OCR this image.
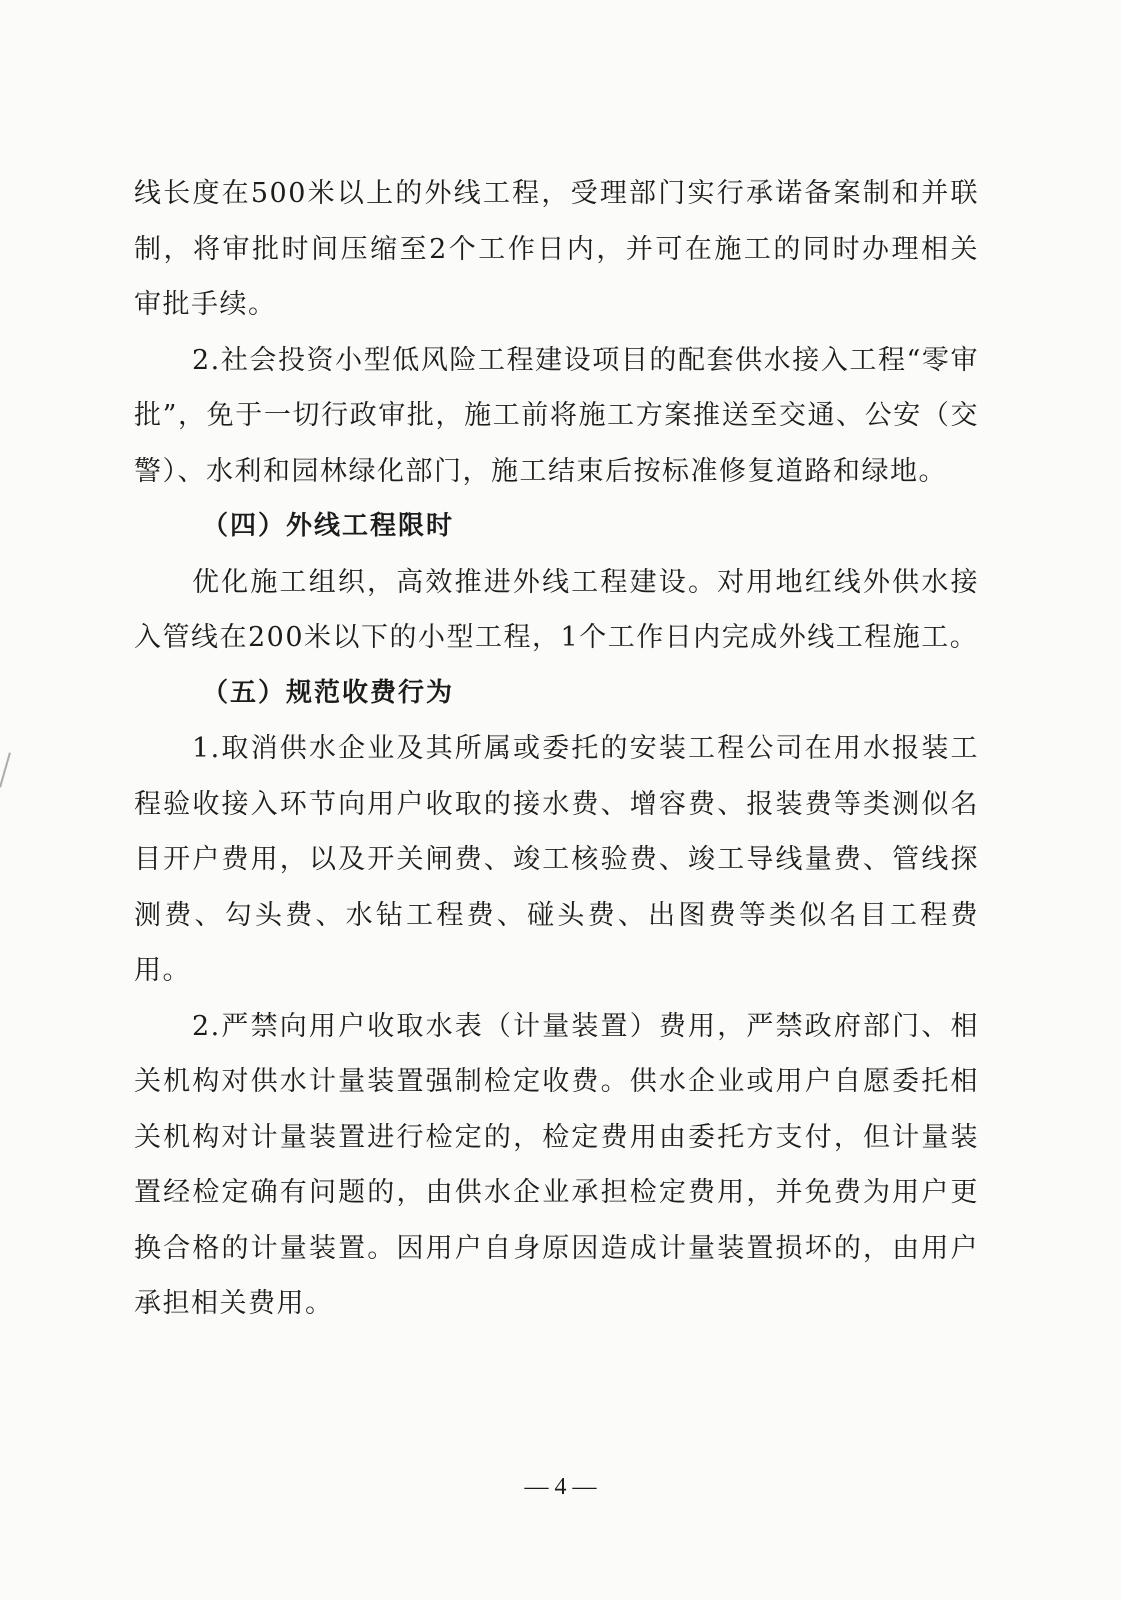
线长度在500米以上的外线工程，受理部门实行承诺备案制和并联制，将审批时间压缩至2个工作日内，并可在施工的同时办理相关审批手续。

2.社会投资小型低风险工程建设项目的配套供水接入工程“零审批”，免于一切行政审批，施工前将施工方案推送至交通、公安（交警）、水利和园林绿化部门，施工结束后按标准修复道路和绿地。

（四）外线工程限时

优化施工组织，高效推进外线工程建设。对用地红线外供水接入管线在200米以下的小型工程，1个工作日内完成外线工程施工。

（五）规范收费行为

1.取消供水企业及其所属或委托的安装工程公司在用水报装工程验收接入环节向用户收取的接水费、增容费、报装费等类测似名目开户费用，以及开关闸费、竣工核验费、竣工导线量费、管线探测费、勾头费、水钻工程费、碰头费、出图费等类似名目工程费用。

2.严禁向用户收取水表（计量装置）费用，严禁政府部门、相关机构对供水计量装置强制检定收费。供水企业或用户自愿委托相关机构对计量装置进行检定的，检定费用由委托方支付，但计量装置经检定确有问题的，由供水企业承担检定费用，并免费为用户更换合格的计量装置。因用户自身原因造成计量装置损坏的，由用户承担相关费用。

— 4 —
